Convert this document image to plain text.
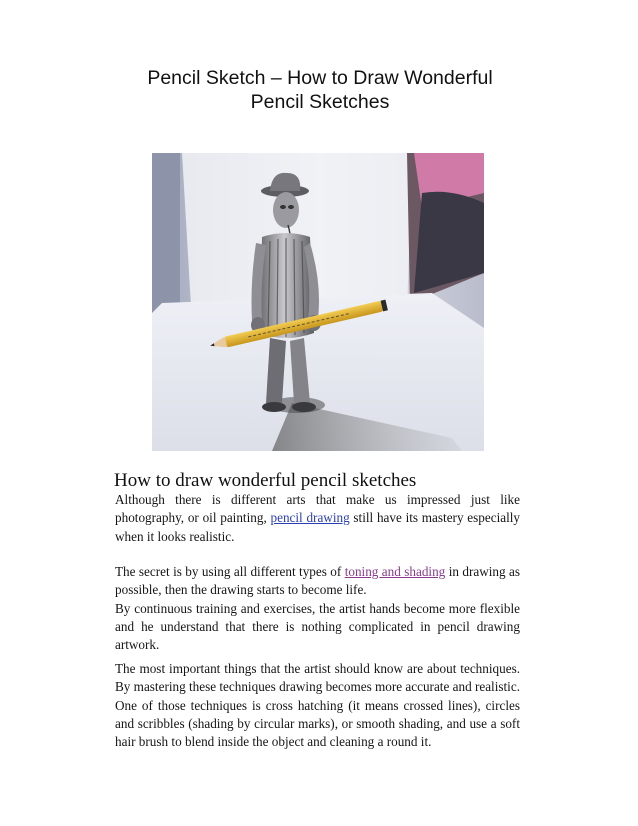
Pencil Sketch – How to Draw Wonderful
Pencil Sketches
How to draw wonderful pencil sketches

Although there is different arts that make us impressed just like photography, or oil painting, pencil drawing still have its mastery especially when it looks realistic.

The secret is by using all different types of toning and shading in drawing as possible, then the drawing starts to become life.
By continuous training and exercises, the artist hands become more flexible and he understand that there is nothing complicated in pencil drawing artwork.

The most important things that the artist should know are about techniques. By mastering these techniques drawing becomes more accurate and realistic. One of those techniques is cross hatching (it means crossed lines), circles and scribbles (shading by circular marks), or smooth shading, and use a soft hair brush to blend inside the object and cleaning a round it.
